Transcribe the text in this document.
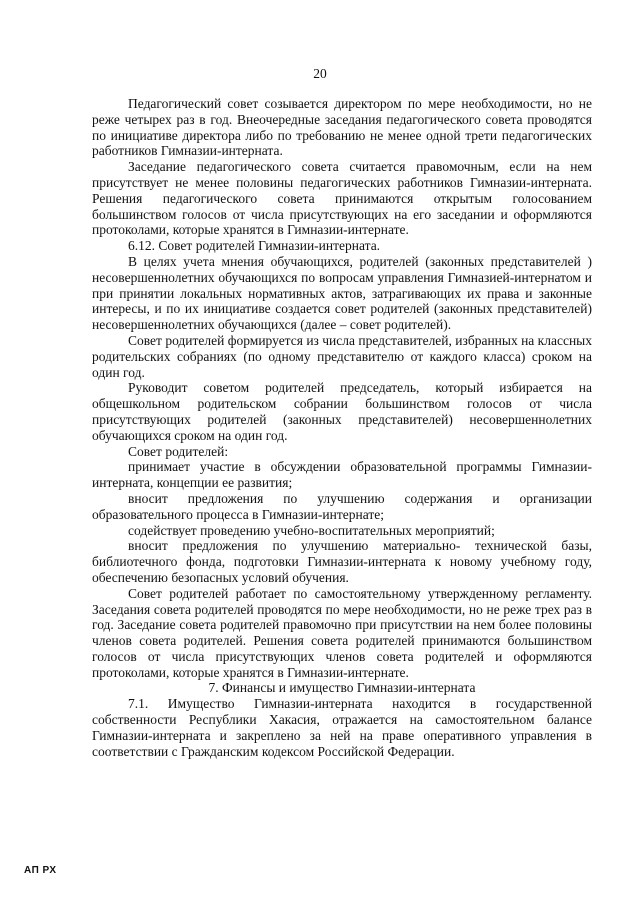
20

Педагогический совет созывается директором по мере необходимости, но не реже четырех раз в год. Внеочередные заседания педагогического совета проводятся по инициативе директора либо по требованию не менее одной трети педагогических работников Гимназии-интерната.

Заседание педагогического совета считается правомочным, если на нем присутствует не менее половины педагогических работников Гимназии-интерната. Решения педагогического совета принимаются открытым голосованием большинством голосов от числа присутствующих на его заседании и оформляются протоколами, которые хранятся в Гимназии-интернате.

6.12. Совет родителей Гимназии-интерната.

В целях учета мнения обучающихся, родителей (законных представителей ) несовершеннолетних обучающихся по вопросам управления Гимназией-интернатом и при принятии локальных нормативных актов, затрагивающих их права и законные интересы, и по их инициативе создается совет родителей (законных представителей) несовершеннолетних обучающихся (далее – совет родителей).

Совет родителей формируется из числа представителей, избранных на классных родительских собраниях (по одному представителю от каждого класса) сроком на один год.

Руководит советом родителей председатель, который избирается на общешкольном родительском собрании большинством голосов от числа присутствующих родителей (законных представителей) несовершеннолетних обучающихся сроком на один год.

Совет родителей:

принимает участие в обсуждении образовательной программы Гимназии-интерната, концепции ее развития;

вносит предложения по улучшению содержания и организации образовательного процесса в Гимназии-интернате;

содействует проведению учебно-воспитательных мероприятий;

вносит предложения по улучшению материально- технической базы, библиотечного фонда, подготовки Гимназии-интерната к новому учебному году, обеспечению безопасных условий обучения.

Совет родителей работает по самостоятельному утвержденному регламенту. Заседания совета родителей проводятся по мере необходимости, но не реже трех раз в год. Заседание совета родителей правомочно при присутствии на нем более половины членов совета родителей. Решения совета родителей принимаются большинством голосов от числа присутствующих членов совета родителей и оформляются протоколами, которые хранятся в Гимназии-интернате.

7. Финансы и имущество Гимназии-интерната

7.1. Имущество Гимназии-интерната находится в государственной собственности Республики Хакасия, отражается на самостоятельном балансе Гимназии-интерната и закреплено за ней на праве оперативного управления в соответствии с Гражданским кодексом Российской Федерации.

АП РХ
